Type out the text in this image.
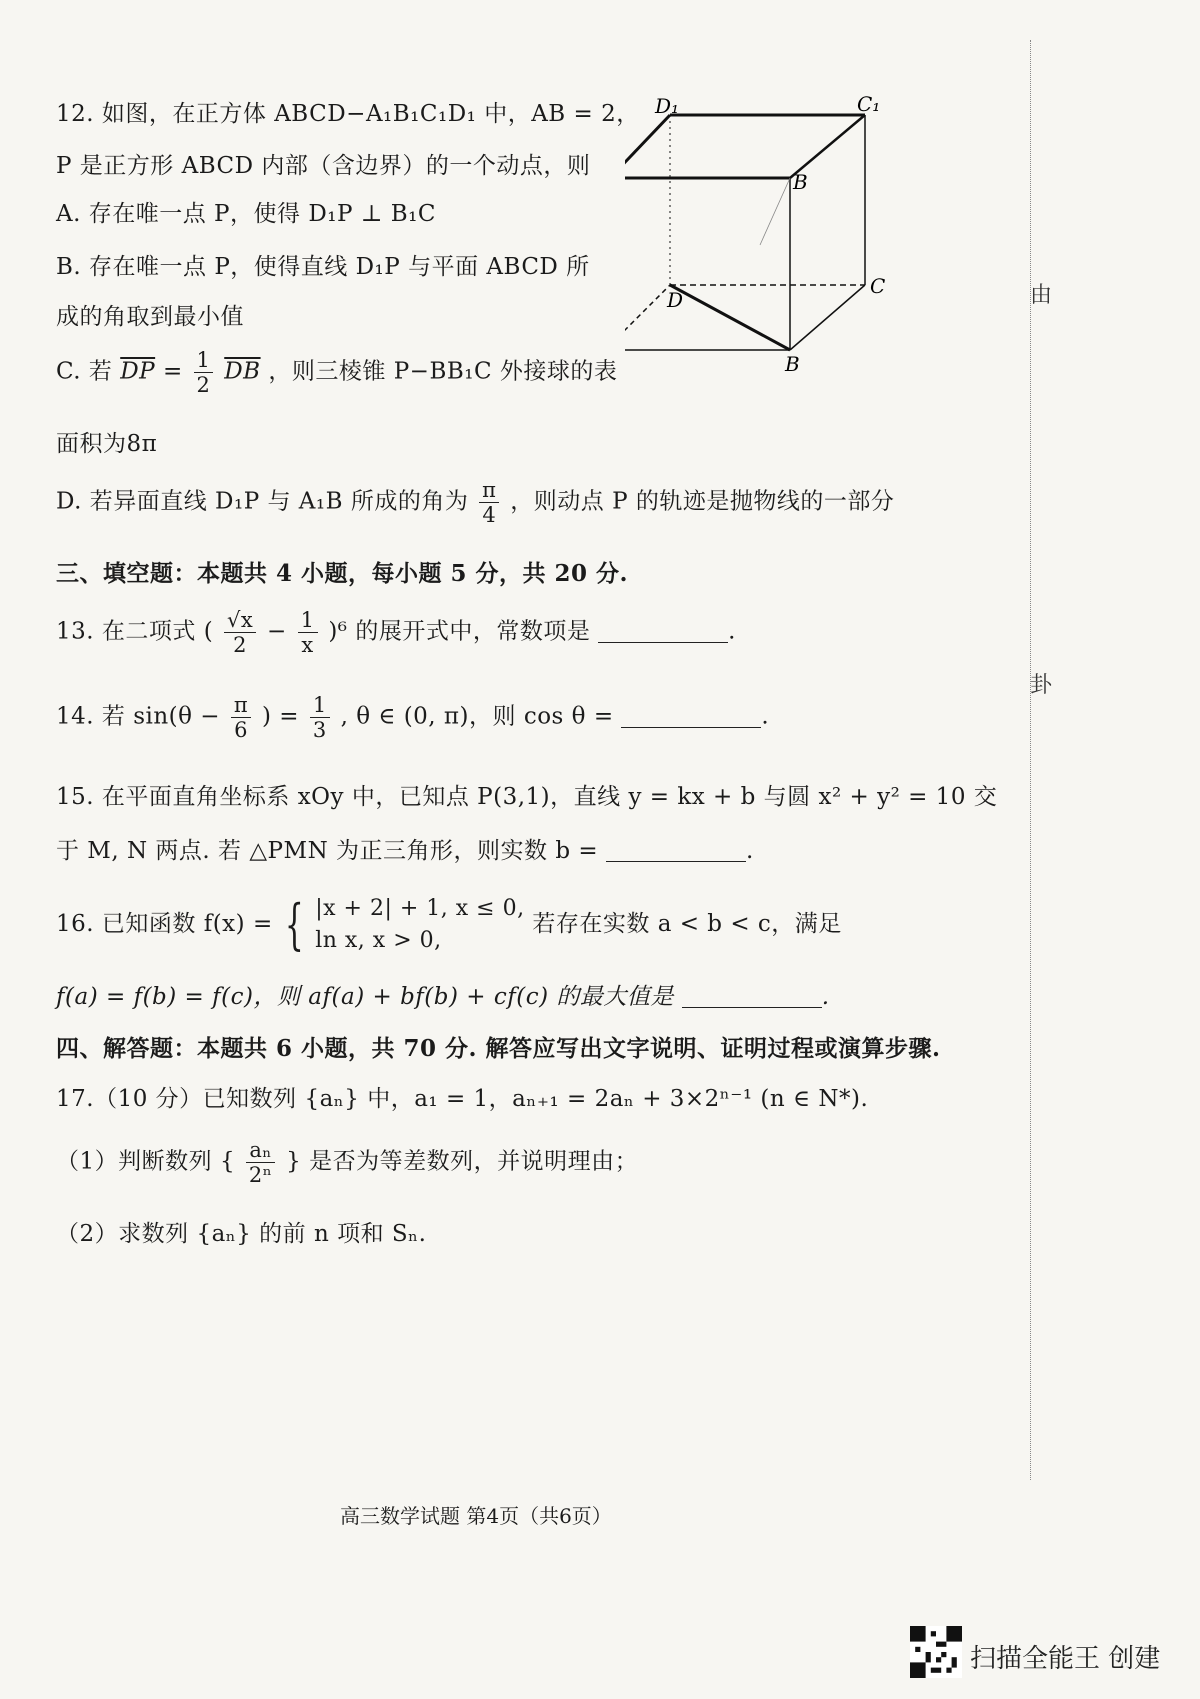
12. 如图，在正方体 ABCD−A₁B₁C₁D₁ 中，AB = 2，
P 是正方形 ABCD 内部（含边界）的一个动点，则
A. 存在唯一点 P，使得 D₁P ⊥ B₁C
B. 存在唯一点 P，使得直线 D₁P 与平面 ABCD 所
成的角取到最小值
C. 若 $\overline{DP} = \frac{1}{2} \overline{DB}$ ，则三棱锥 P−BB₁C 外接球的表
面积为8π
D. 若异面直线 D₁P 与 A₁B 所成的角为 $\frac{\pi}{4}$ ，则动点 P 的轨迹是抛物线的一部分
D₁	C₁
B
D
C
B
三、填空题：本题共 4 小题，每小题 5 分，共 20 分.
13. 在二项式 ( $\frac{√x}{2} - \frac{1}{x} )^6$ 的展开式中，常数项是	.
14. 若 $\sin(\theta - \frac{\pi}{6}$ ) = $\frac{1}{3}$ , θ ∈ (0, π)，则 cos θ =	.
15. 在平面直角坐标系 xOy 中，已知点 P(3,1)，直线 y = kx + b 与圆 x² + y² = 10 交
于 M, N 两点. 若 △PMN 为正三角形，则实数 b =	.
16. 已知函数 f(x) = { |x + 2| + 1, x ≤ 0,
ln x, x > 0,
若存在实数 a < b < c，满足
f(a) = f(b) = f(c)，则 af(a) + bf(b) + cf(c) 的最大值是	.
四、解答题：本题共 6 小题，共 70 分. 解答应写出文字说明、证明过程或演算步骤.
17.（10 分）已知数列 {aₙ} 中，a₁ = 1，aₙ₊₁ = 2aₙ + 3×2ⁿ⁻¹ (n ∈ N*).
（1）判断数列 { $\frac{\text{aₙ}}{\text{2ⁿ}}$ } 是否为等差数列，并说明理由；
（2）求数列 {aₙ} 的前 n 项和 Sₙ.
由
卦
高三数学试题 第4页（共6页）
扫描全能王 创建
